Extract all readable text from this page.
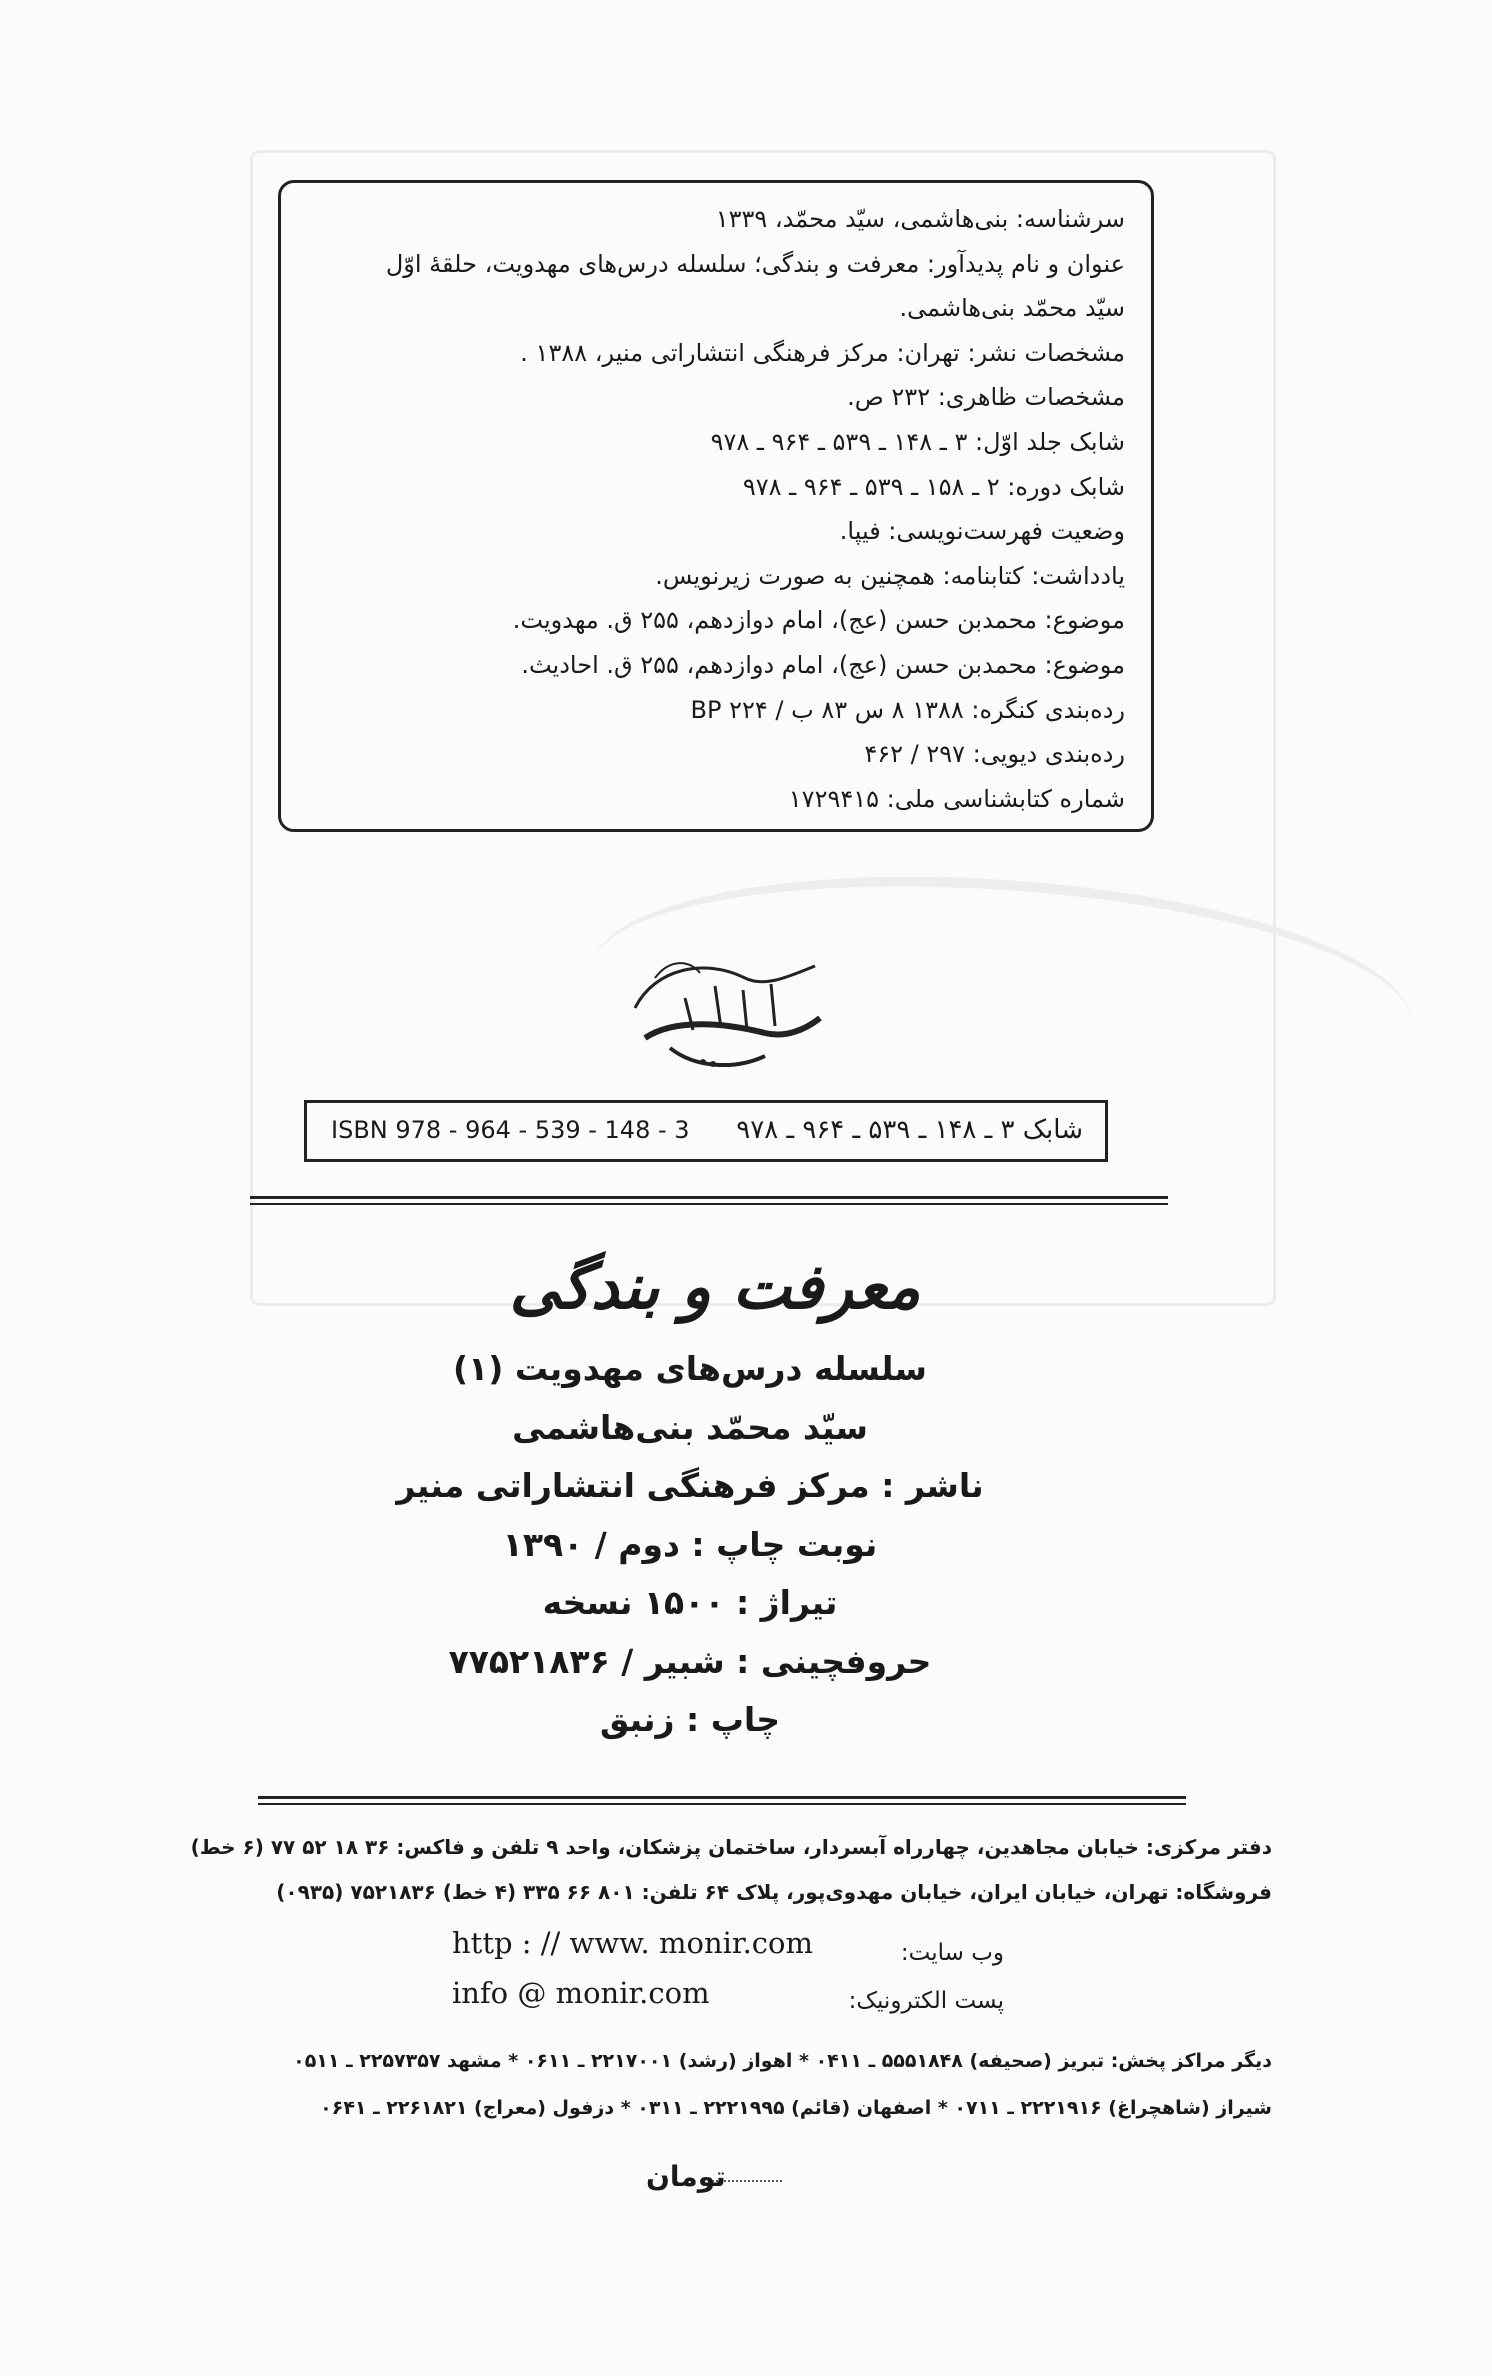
سرشناسه: بنی‌هاشمی، سیّد محمّد، ۱۳۳۹
عنوان و نام پدیدآور: معرفت و بندگی؛ سلسله درس‌های مهدویت، حلقهٔ اوّل
سیّد محمّد بنی‌هاشمی.
مشخصات نشر: تهران: مرکز فرهنگی انتشاراتی منیر، ۱۳۸۸ .
مشخصات ظاهری: ۲۳۲ ص.
شابک جلد اوّل: ۳ ـ ۱۴۸ ـ ۵۳۹ ـ ۹۶۴ ـ ۹۷۸
شابک دوره: ۲ ـ ۱۵۸ ـ ۵۳۹ ـ ۹۶۴ ـ ۹۷۸
وضعیت فهرست‌نویسی: فیپا.
یادداشت: کتابنامه: همچنین به صورت زیرنویس.
موضوع: محمدبن حسن (عج)، امام دوازدهم، ۲۵۵ ق. مهدویت.
موضوع: محمدبن حسن (عج)، امام دوازدهم، ۲۵۵ ق. احادیث.
رده‌بندی کنگره: ۱۳۸۸ ۸ س ۸۳ ب / ۲۲۴ BP
رده‌بندی دیویی: ۲۹۷ / ۴۶۲
شماره کتابشناسی ملی: ۱۷۲۹۴۱۵
شابک ۳ ـ ۱۴۸ ـ ۵۳۹ ـ ۹۶۴ ـ ۹۷۸
ISBN 978 - 964 - 539 - 148 - 3
معرفت و بندگی
سلسله درس‌های مهدویت (۱)
سیّد محمّد بنی‌هاشمی
ناشر : مرکز فرهنگی انتشاراتی منیر
نوبت چاپ : دوم / ۱۳۹۰
تیراژ : ۱۵۰۰ نسخه
حروفچینی : شبیر / ۷۷۵۲۱۸۳۶
چاپ : زنبق
دفتر مرکزی: خیابان مجاهدین، چهارراه آبسردار، ساختمان پزشکان، واحد ۹ تلفن و فاکس: ۳۶ ۱۸ ۵۲ ۷۷ (۶ خط)
فروشگاه: تهران، خیابان ایران، خیابان مهدوی‌پور، پلاک ۶۴ تلفن: ۸۰۱ ۶۶ ۳۳۵ (۴ خط) ۷۵۲۱۸۳۶ (۰۹۳۵)
وب سایت:
http : // www. monir.com
پست الکترونیک:
info @ monir.com
دیگر مراکز پخش: تبریز (صحیفه) ۵۵۵۱۸۴۸ ـ ۰۴۱۱ * اهواز (رشد) ۲۲۱۷۰۰۱ ـ ۰۶۱۱ * مشهد ۲۲۵۷۳۵۷ ـ ۰۵۱۱
شیراز (شاهچراغ) ۲۲۲۱۹۱۶ ـ ۰۷۱۱ * اصفهان (قائم) ۲۲۲۱۹۹۵ ـ ۰۳۱۱ * دزفول (معراج) ۲۲۶۱۸۲۱ ـ ۰۶۴۱
تومان
